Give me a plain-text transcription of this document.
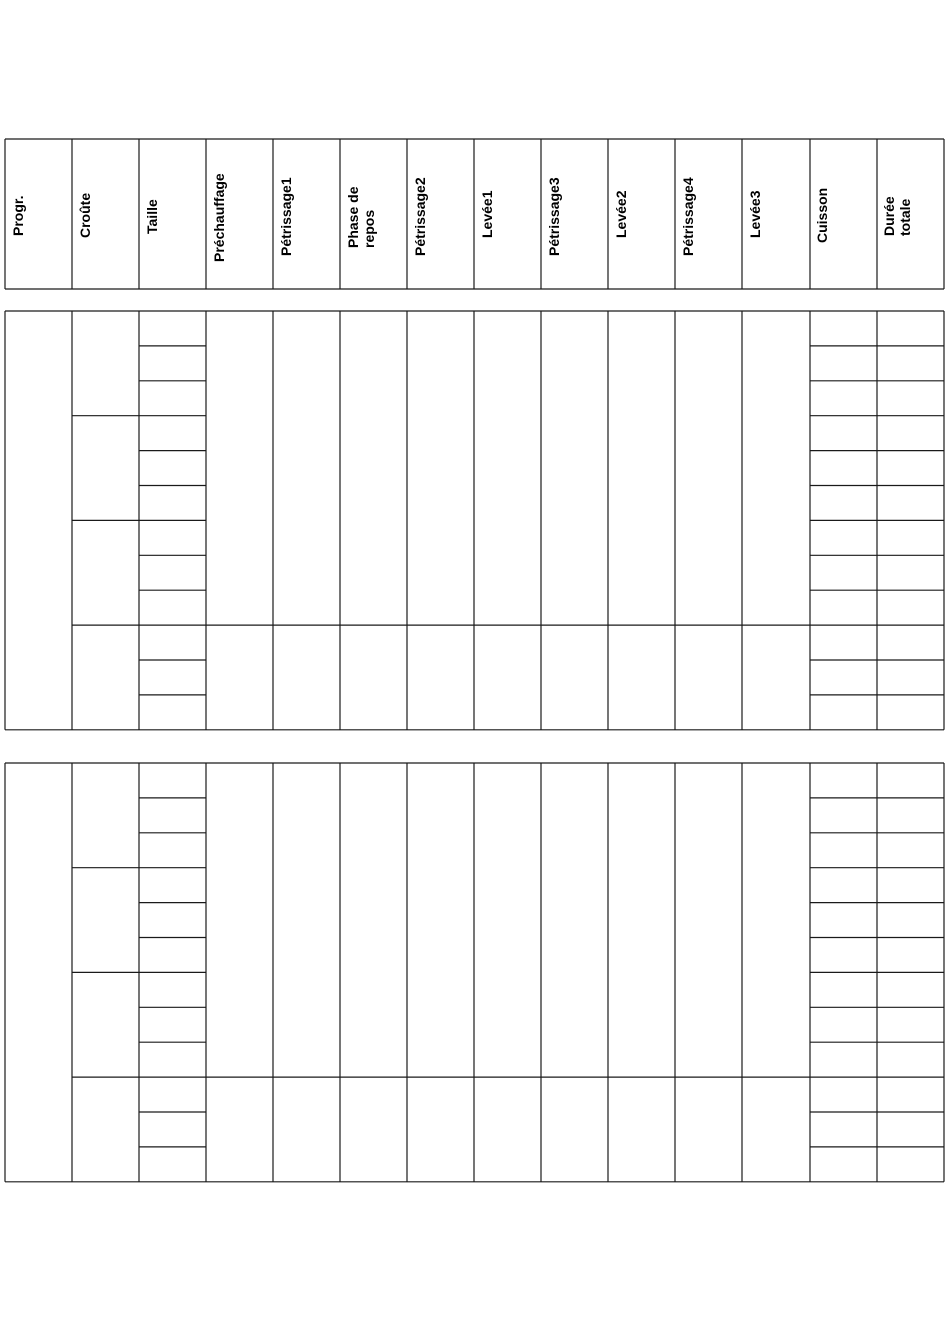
Progr.	Croûte	Taille	Préchauffage	Pétrissage1	Phase de repos	Pétrissage2	Levée1	Pétrissage3	Levée2	Pétrissage4	Levée3	Cuisson	Durée totale
